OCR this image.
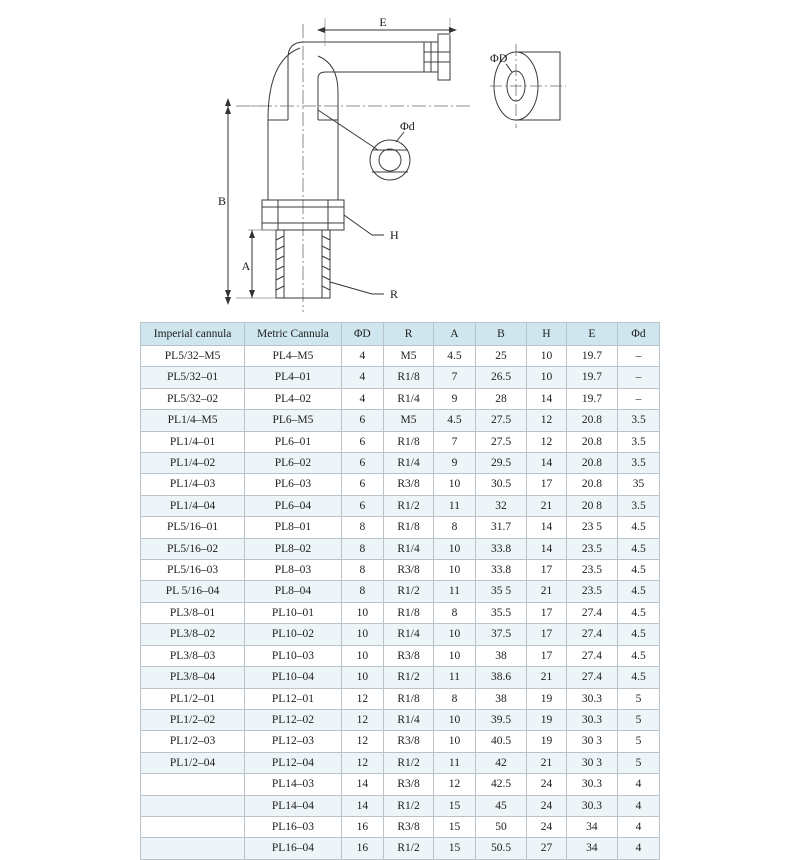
E
B
A
H
R
Φd
ΦD
Imperial cannula	Metric Cannula	ΦD	R	A	B	H	E	Φd
PL5/32–M5	PL4–M5	4	M5	4.5	25	10	19.7	–
PL5/32–01	PL4–01	4	R1/8	7	26.5	10	19.7	–
PL5/32–02	PL4–02	4	R1/4	9	28	14	19.7	–
PL1/4–M5	PL6–M5	6	M5	4.5	27.5	12	20.8	3.5
PL1/4–01	PL6–01	6	R1/8	7	27.5	12	20.8	3.5
PL1/4–02	PL6–02	6	R1/4	9	29.5	14	20.8	3.5
PL1/4–03	PL6–03	6	R3/8	10	30.5	17	20.8	35
PL1/4–04	PL6–04	6	R1/2	11	32	21	20 8	3.5
PL5/16–01	PL8–01	8	R1/8	8	31.7	14	23 5	4.5
PL5/16–02	PL8–02	8	R1/4	10	33.8	14	23.5	4.5
PL5/16–03	PL8–03	8	R3/8	10	33.8	17	23.5	4.5
PL 5/16–04	PL8–04	8	R1/2	11	35 5	21	23.5	4.5
PL3/8–01	PL10–01	10	R1/8	8	35.5	17	27.4	4.5
PL3/8–02	PL10–02	10	R1/4	10	37.5	17	27.4	4.5
PL3/8–03	PL10–03	10	R3/8	10	38	17	27.4	4.5
PL3/8–04	PL10–04	10	R1/2	11	38.6	21	27.4	4.5
PL1/2–01	PL12–01	12	R1/8	8	38	19	30.3	5
PL1/2–02	PL12–02	12	R1/4	10	39.5	19	30.3	5
PL1/2–03	PL12–03	12	R3/8	10	40.5	19	30 3	5
PL1/2–04	PL12–04	12	R1/2	11	42	21	30 3	5
	PL14–03	14	R3/8	12	42.5	24	30.3	4
	PL14–04	14	R1/2	15	45	24	30.3	4
	PL16–03	16	R3/8	15	50	24	34	4
	PL16–04	16	R1/2	15	50.5	27	34	4
